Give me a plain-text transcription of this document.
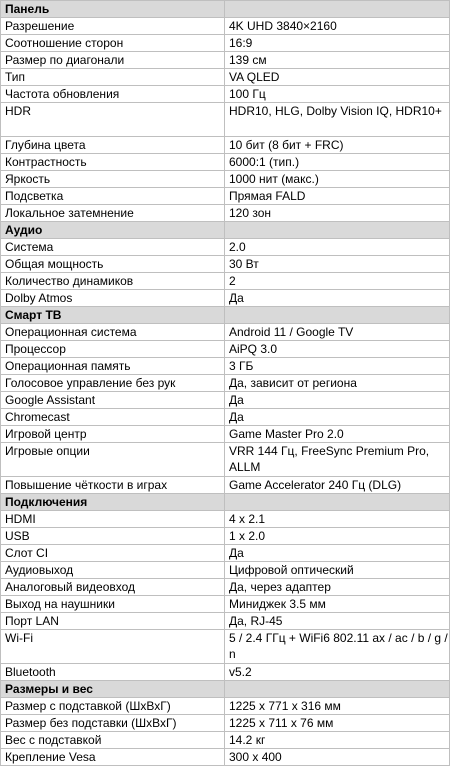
Панель	
Разрешение	4K UHD 3840×2160
Соотношение сторон	16:9
Размер по диагонали	139 см
Тип	VA QLED
Частота обновления	100 Гц
HDR	HDR10, HLG, Dolby Vision IQ, HDR10+
Глубина цвета	10 бит (8 бит + FRC)
Контрастность	6000:1 (тип.)
Яркость	1000 нит (макс.)
Подсветка	Прямая FALD
Локальное затемнение	120 зон
Аудио	
Система	2.0
Общая мощность	30 Вт
Количество динамиков	2
Dolby Atmos	Да
Смарт ТВ	
Операционная система	Android 11 / Google TV
Процессор	AiPQ 3.0
Операционная память	3 ГБ
Голосовое управление без рук	Да, зависит от региона
Google Assistant	Да
Chromecast	Да
Игровой центр	Game Master Pro 2.0
Игровые опции	VRR 144 Гц, FreeSync Premium Pro, ALLM
Повышение чёткости в играх	Game Accelerator 240 Гц (DLG)
Подключения	
HDMI	4 x 2.1
USB	1 x 2.0
Слот CI	Да
Аудиовыход	Цифровой оптический
Аналоговый видеовход	Да, через адаптер
Выход на наушники	Миниджек 3.5 мм
Порт LAN	Да, RJ-45
Wi-Fi	5 / 2.4 ГГц + WiFi6 802.11 ax / ac / b / g / n
Bluetooth	v5.2
Размеры и вес	
Размер с подставкой (ШхВхГ)	1225 x 771 x 316 мм
Размер без подставки (ШхВхГ)	1225 x 711 x 76 мм
Вес с подставкой	14.2 кг
Крепление Vesa	300 x 400
